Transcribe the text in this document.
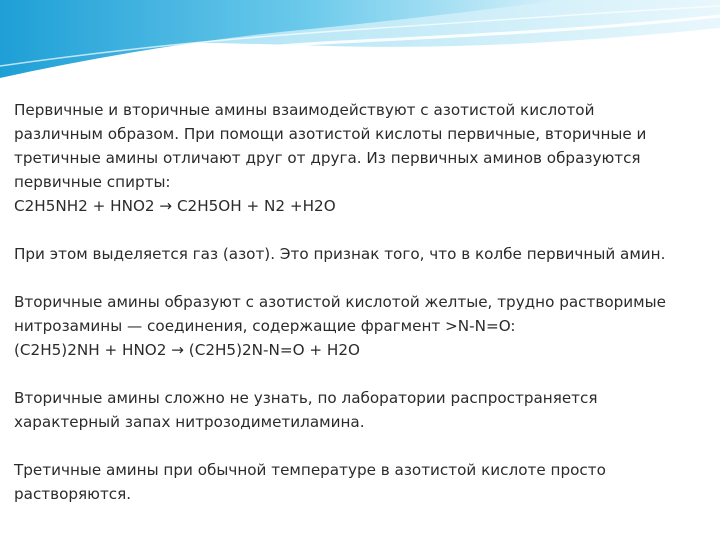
Первичные и вторичные амины взаимодействуют с азотистой кислотой
различным образом. При помощи азотистой кислоты первичные, вторичные и
третичные амины отличают друг от друга. Из первичных аминов образуются
первичные спирты:
C2H5NH2 + HNO2 → C2H5OH + N2 +H2O

При этом выделяется газ (азот). Это признак того, что в колбе первичный амин.

Вторичные амины образуют с азотистой кислотой желтые, трудно растворимые
нитрозамины — соединения, содержащие фрагмент >N-N=O:
(C2H5)2NH + HNO2 → (C2H5)2N-N=O + H2O

Вторичные амины сложно не узнать, по лаборатории распространяется
характерный запах нитрозодиметиламина.

Третичные амины при обычной температуре в азотистой кислоте просто
растворяются.
